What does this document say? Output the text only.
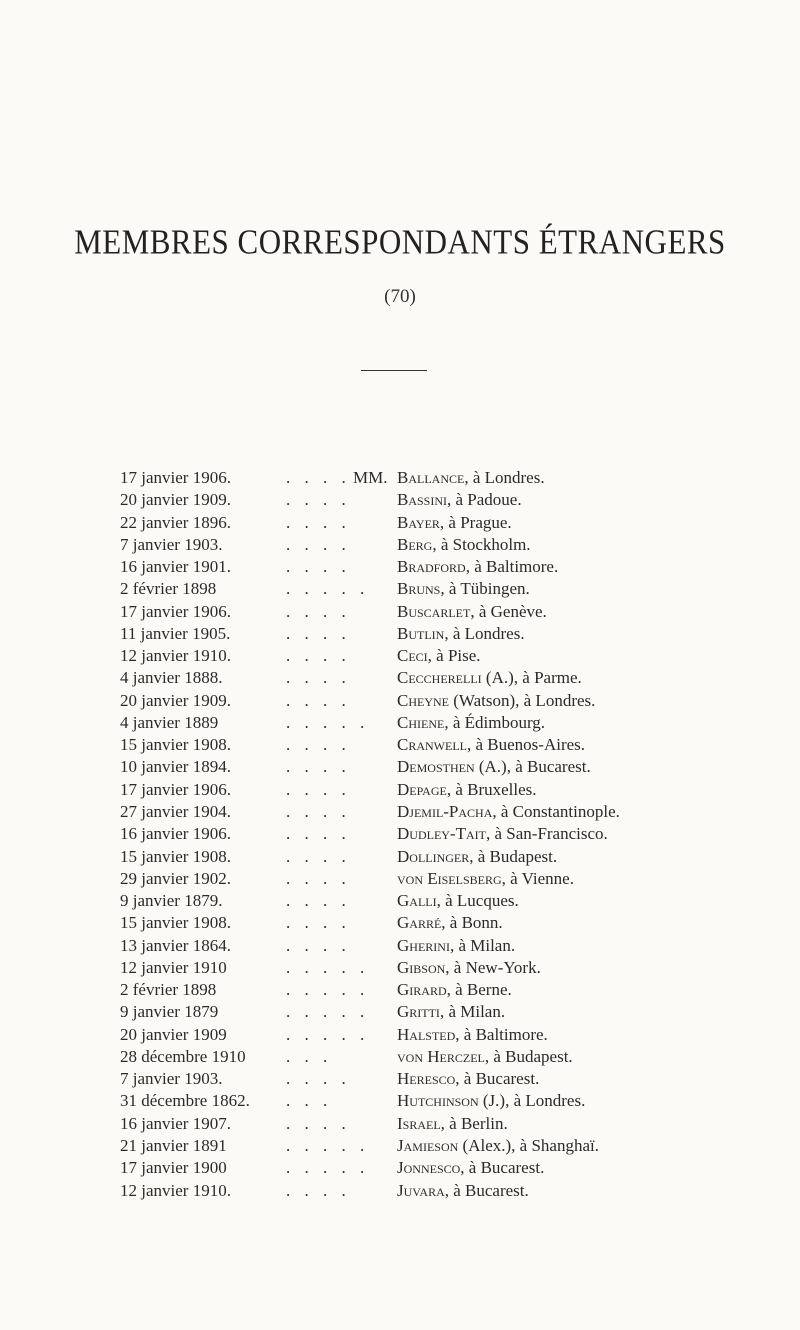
MEMBRES CORRESPONDANTS ÉTRANGERS
(70)
17 janvier 1906.	. . . . MM. Ballance, à Londres.
20 janvier 1909.	. . . .	Bassini, à Padoue.
22 janvier 1896.	. . . .	Bayer, à Prague.
7 janvier 1903.	. . . .	Berg, à Stockholm.
16 janvier 1901.	. . . .	Bradford, à Baltimore.
2 février 1898	. . . . . Bruns, à Tübingen.
17 janvier 1906.	. . . .	Buscarlet, à Genève.
11 janvier 1905.	. . . .	Butlin, à Londres.
12 janvier 1910.	. . . .	Ceci, à Pise.
4 janvier 1888.	. . . .	Ceccherelli (A.), à Parme.
20 janvier 1909.	. . . .	Cheyne (Watson), à Londres.
4 janvier 1889	. . . . . Chiene, à Édimbourg.
15 janvier 1908.	. . . .	Cranwell, à Buenos-Aires.
10 janvier 1894.	. . . .	Demosthen (A.), à Bucarest.
17 janvier 1906.	. . . .	Depage, à Bruxelles.
27 janvier 1904.	. . . .	Djemil-Pacha, à Constantinople.
16 janvier 1906.	. . . .	Dudley-Tait, à San-Francisco.
15 janvier 1908.	. . . .	Dollinger, à Budapest.
29 janvier 1902.	. . . .	von Eiselsberg, à Vienne.
9 janvier 1879.	. . . .	Galli, à Lucques.
15 janvier 1908.	. . . .	Garré, à Bonn.
13 janvier 1864.	. . . .	Gherini, à Milan.
12 janvier 1910	. . . . . Gibson, à New-York.
2 février 1898	. . . . . Girard, à Berne.
9 janvier 1879	. . . . . Gritti, à Milan.
20 janvier 1909	. . . . . Halsted, à Baltimore.
28 décembre 1910	. . .	von Herczel, à Budapest.
7 janvier 1903.	. . . .	Heresco, à Bucarest.
31 décembre 1862.	. . .	Hutchinson (J.), à Londres.
16 janvier 1907.	. . . .	Israel, à Berlin.
21 janvier 1891	. . . . . Jamieson (Alex.), à Shanghaï.
17 janvier 1900	. . . . . Jonnesco, à Bucarest.
12 janvier 1910.	. . . .	Juvara, à Bucarest.
